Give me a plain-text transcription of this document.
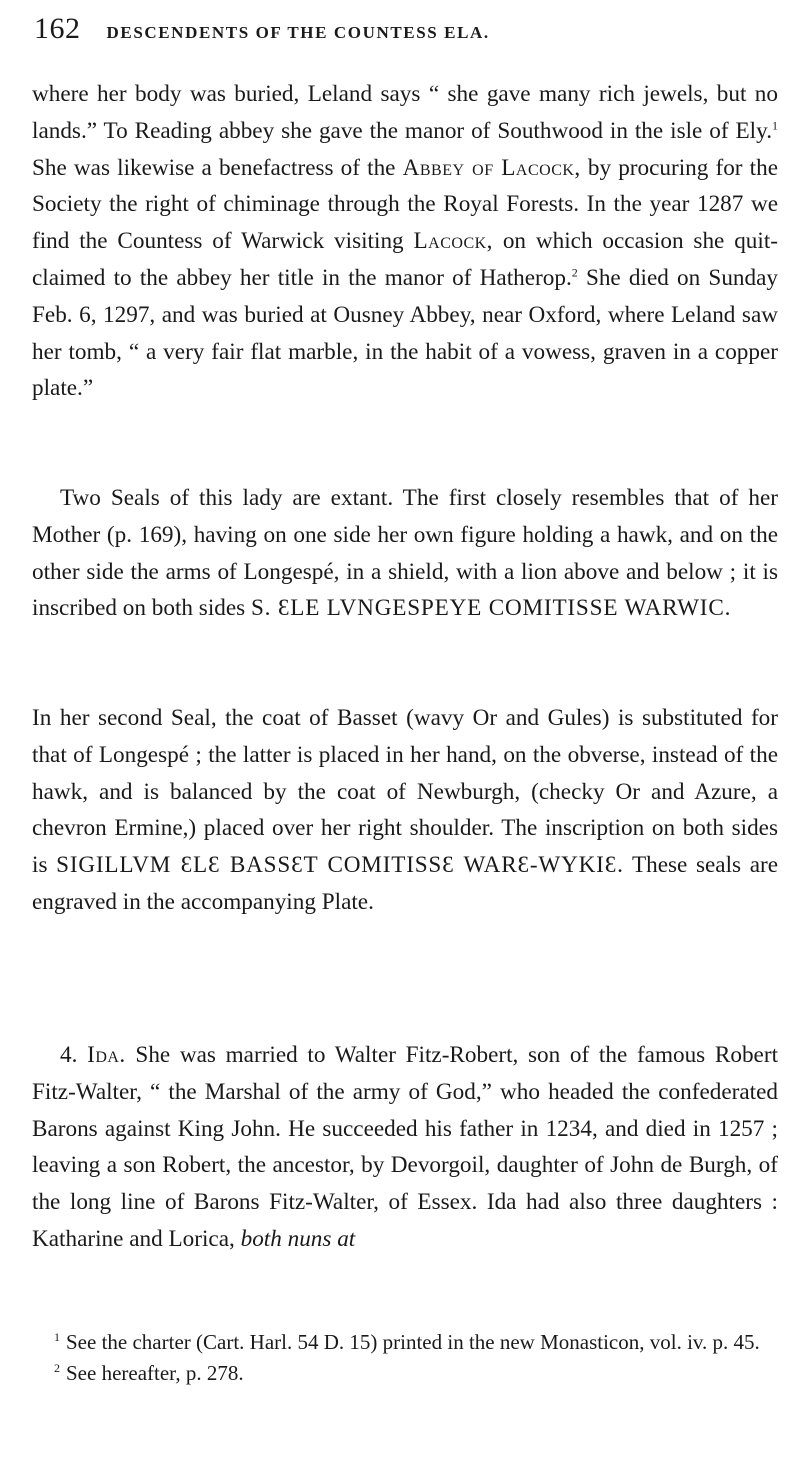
162 DESCENDENTS OF THE COUNTESS ELA.

where her body was buried, Leland says “ she gave many rich jewels, but no lands.” To Reading abbey she gave the manor of Southwood in the isle of Ely.$^1$ She was likewise a benefactress of the Abbey of Lacock, by procuring for the Society the right of chiminage through the Royal Forests. In the year 1287 we find the Countess of Warwick visiting Lacock, on which occasion she quit-claimed to the abbey her title in the manor of Hatherop.$^2$ She died on Sunday Feb. 6, 1297, and was buried at Ousney Abbey, near Oxford, where Leland saw her tomb, “ a very fair flat marble, in the habit of a vowess, graven in a copper plate.”

Two Seals of this lady are extant. The first closely resembles that of her Mother (p. 169), having on one side her own figure holding a hawk, and on the other side the arms of Longespé, in a shield, with a lion above and below ; it is inscribed on both sides S. ƐLE LVNGESPEYE COMITISSE WARWIC.

In her second Seal, the coat of Basset (wavy Or and Gules) is substituted for that of Longespé ; the latter is placed in her hand, on the obverse, instead of the hawk, and is balanced by the coat of Newburgh, (checky Or and Azure, a chevron Ermine,) placed over her right shoulder. The inscription on both sides is SIGILLVM ƐLƐ BASSƐT COMITISSƐ WARƐ-WYKIƐ. These seals are engraved in the accompanying Plate.

4. Ida. She was married to Walter Fitz-Robert, son of the famous Robert Fitz-Walter, “ the Marshal of the army of God,” who headed the confederated Barons against King John. He succeeded his father in 1234, and died in 1257 ; leaving a son Robert, the ancestor, by Devorgoil, daughter of John de Burgh, of the long line of Barons Fitz-Walter, of Essex. Ida had also three daughters : Katharine and Lorica, both nuns at

$^1$ See the charter (Cart. Harl. 54 D. 15) printed in the new Monasticon, vol. iv. p. 45.

$^2$ See hereafter, p. 278.
